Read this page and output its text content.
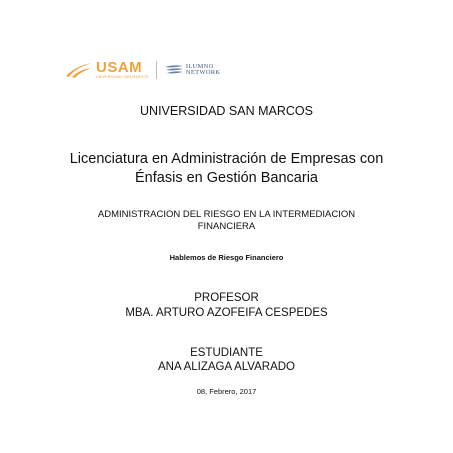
USAM
UNIVERSIDAD SAN MARCOS
ILUMNO
NETWORK
UNIVERSIDAD SAN MARCOS
Licenciatura en Administración de Empresas con
Énfasis en Gestión Bancaria
ADMINISTRACION DEL RIESGO EN LA INTERMEDIACION
FINANCIERA
Hablemos de Riesgo Financiero
PROFESOR
MBA. ARTURO AZOFEIFA CESPEDES
ESTUDIANTE
ANA ALIZAGA ALVARADO
08, Febrero, 2017
